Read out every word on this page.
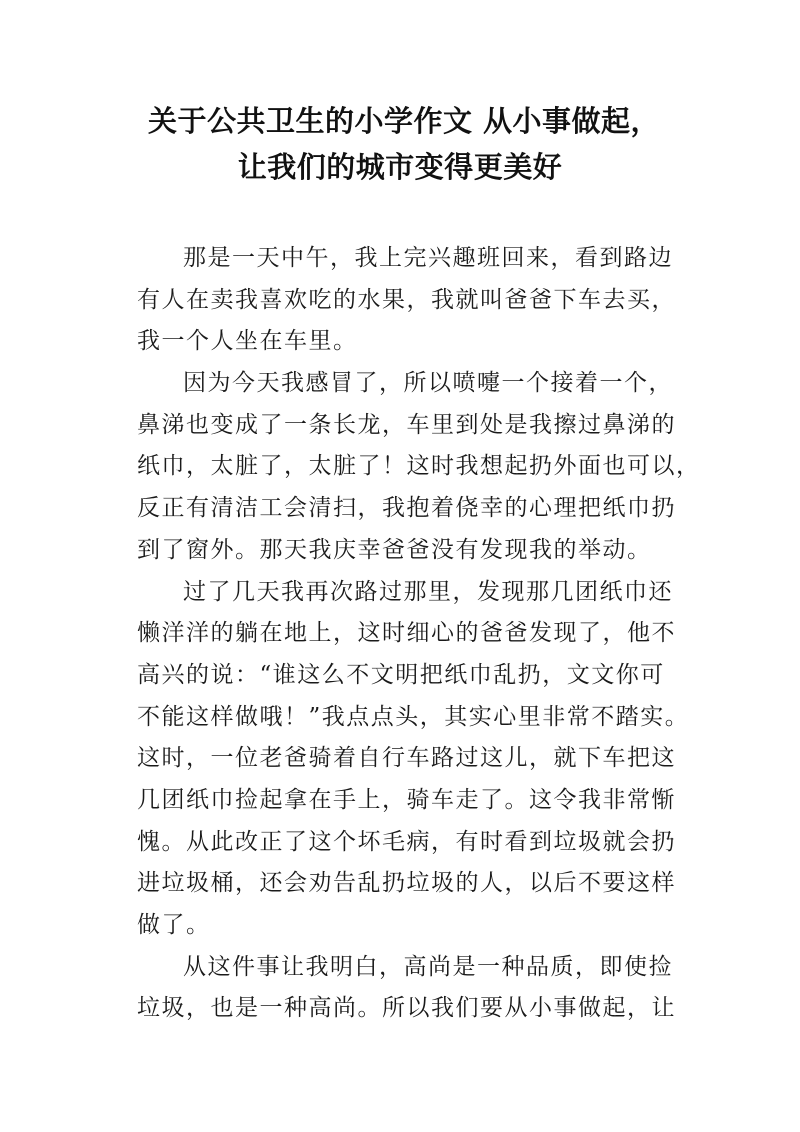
关于公共卫生的小学作文 从小事做起，
让我们的城市变得更美好
那是一天中午，我上完兴趣班回来，看到路边
有人在卖我喜欢吃的水果，我就叫爸爸下车去买，
我一个人坐在车里。
因为今天我感冒了，所以喷嚏一个接着一个，
鼻涕也变成了一条长龙，车里到处是我擦过鼻涕的
纸巾，太脏了，太脏了！这时我想起扔外面也可以，
反正有清洁工会清扫，我抱着侥幸的心理把纸巾扔
到了窗外。那天我庆幸爸爸没有发现我的举动。
过了几天我再次路过那里，发现那几团纸巾还
懒洋洋的躺在地上，这时细心的爸爸发现了，他不
高兴的说：“谁这么不文明把纸巾乱扔，文文你可
不能这样做哦！”我点点头，其实心里非常不踏实。
这时，一位老爸骑着自行车路过这儿，就下车把这
几团纸巾捡起拿在手上，骑车走了。这令我非常惭
愧。从此改正了这个坏毛病，有时看到垃圾就会扔
进垃圾桶，还会劝告乱扔垃圾的人，以后不要这样
做了。
从这件事让我明白，高尚是一种品质，即使捡
垃圾，也是一种高尚。所以我们要从小事做起，让
